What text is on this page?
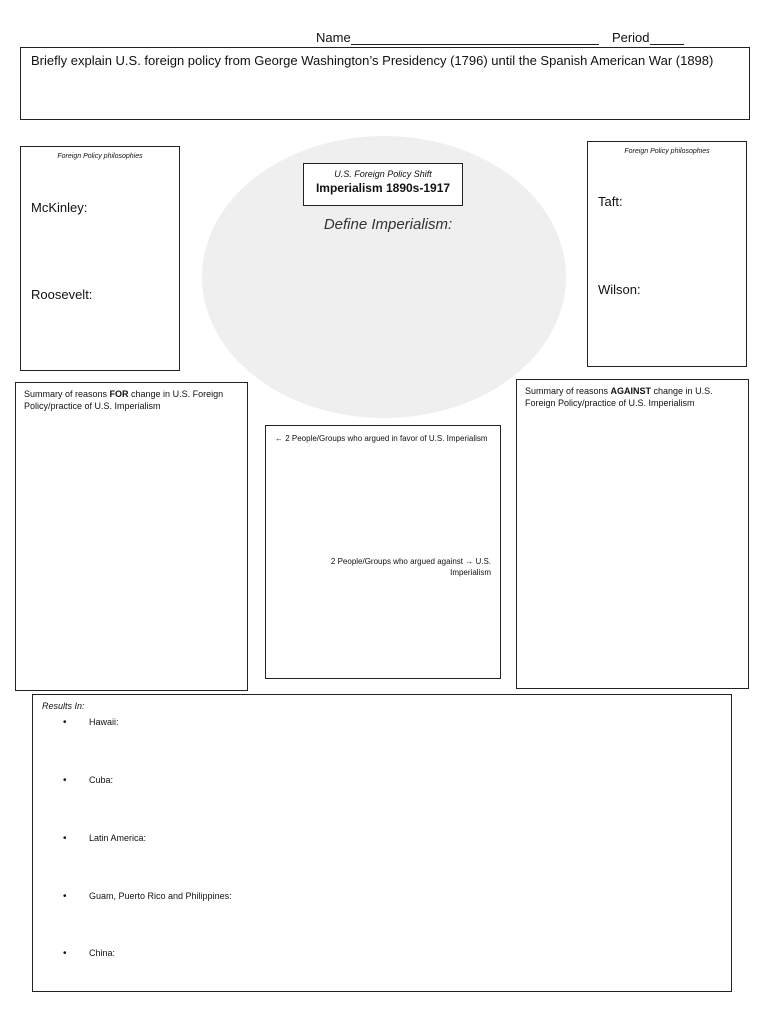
Name	Period
Briefly explain U.S. foreign policy from George Washington’s Presidency (1796) until the Spanish American War (1898)
U.S. Foreign Policy Shift
Imperialism 1890s-1917
Define Imperialism:
Foreign Policy philosophies
McKinley:
Roosevelt:
Foreign Policy philosophies
Taft:
Wilson:
Summary of reasons FOR change in U.S. Foreign Policy/practice of U.S. Imperialism
Summary of reasons AGAINST change in U.S. Foreign Policy/practice of U.S. Imperialism
← 2 People/Groups who argued in favor of U.S. Imperialism
2 People/Groups who argued against → U.S. Imperialism
Results In:
• Hawaii:
• Cuba:
• Latin America:
• Guam, Puerto Rico and Philippines:
• China:
